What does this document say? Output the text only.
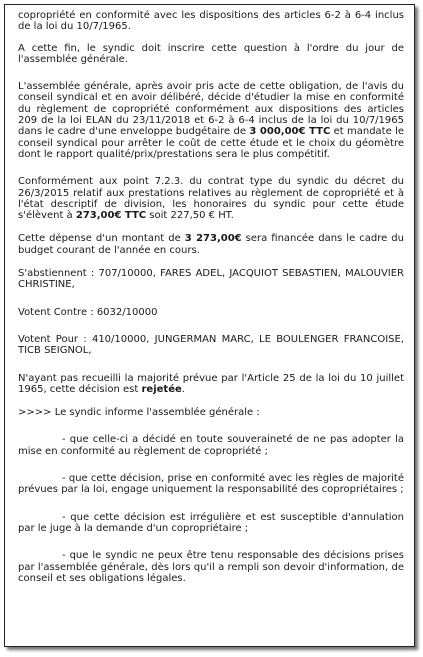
copropriété en conformité avec les dispositions des articles 6-2 à 6-4 inclus de la loi du 10/7/1965.

A cette fin, le syndic doit inscrire cette question à l'ordre du jour de l'assemblée générale.

L'assemblée générale, après avoir pris acte de cette obligation, de l'avis du conseil syndical et en avoir délibéré, décide d'étudier la mise en conformité du règlement de copropriété conformément aux dispositions des articles 209 de la loi ELAN du 23/11/2018 et 6-2 à 6-4 inclus de la loi du 10/7/1965 dans le cadre d'une enveloppe budgétaire de 3 000,00€ TTC et mandate le conseil syndical pour arrêter le coût de cette étude et le choix du géomètre dont le rapport qualité/prix/prestations sera le plus compétitif.

Conformément aux point 7.2.3. du contrat type du syndic du décret du 26/3/2015 relatif aux prestations relatives au règlement de copropriété et à l'état descriptif de division, les honoraires du syndic pour cette étude s'élèvent à 273,00€ TTC soit 227,50 € HT.

Cette dépense d'un montant de 3 273,00€ sera financée dans le cadre du budget courant de l'année en cours.

S'abstiennent : 707/10000, FARES ADEL, JACQUIOT SEBASTIEN, MALOUVIER CHRISTINE,

Votent Contre : 6032/10000

Votent Pour : 410/10000, JUNGERMAN MARC, LE BOULENGER FRANCOISE, TICB SEIGNOL,

N'ayant pas recueilli la majorité prévue par l'Article 25 de la loi du 10 juillet 1965, cette décision est rejetée.

>>>> Le syndic informe l'assemblée générale :

- que celle-ci a décidé en toute souveraineté de ne pas adopter la mise en conformité au règlement de copropriété ;

- que cette décision, prise en conformité avec les règles de majorité prévues par la loi, engage uniquement la responsabilité des copropriétaires ;

- que cette décision est irrégulière et est susceptible d'annulation par le juge à la demande d'un copropriétaire ;

- que le syndic ne peux être tenu responsable des décisions prises par l'assemblée générale, dès lors qu'il a rempli son devoir d'information, de conseil et ses obligations légales.
